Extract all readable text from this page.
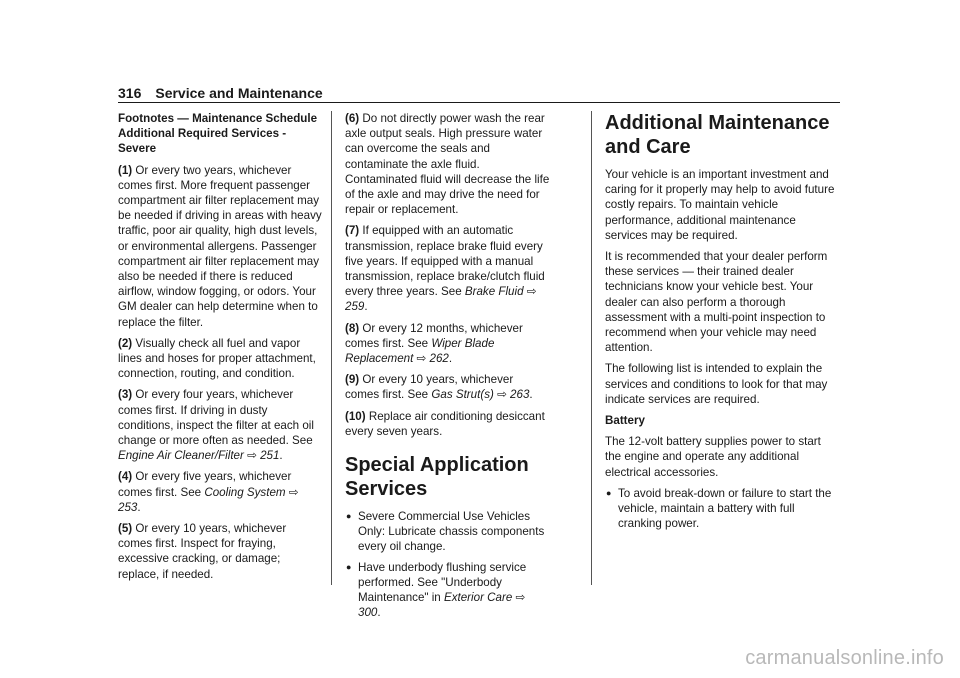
316 Service and Maintenance

Footnotes — Maintenance Schedule
Additional Required Services - Severe

(1) Or every two years, whichever comes first. More frequent passenger compartment air filter replacement may be needed if driving in areas with heavy traffic, poor air quality, high dust levels, or environmental allergens. Passenger compartment air filter replacement may also be needed if there is reduced airflow, window fogging, or odors. Your GM dealer can help determine when to replace the filter.

(2) Visually check all fuel and vapor lines and hoses for proper attachment, connection, routing, and condition.

(3) Or every four years, whichever comes first. If driving in dusty conditions, inspect the filter at each oil change or more often as needed. See Engine Air Cleaner/Filter ⇨ 251.

(4) Or every five years, whichever comes first. See Cooling System ⇨ 253.

(5) Or every 10 years, whichever comes first. Inspect for fraying, excessive cracking, or damage; replace, if needed.

(6) Do not directly power wash the rear axle output seals. High pressure water can overcome the seals and contaminate the axle fluid. Contaminated fluid will decrease the life of the axle and may drive the need for repair or replacement.

(7) If equipped with an automatic transmission, replace brake fluid every five years. If equipped with a manual transmission, replace brake/clutch fluid every three years. See Brake Fluid ⇨ 259.

(8) Or every 12 months, whichever comes first. See Wiper Blade Replacement ⇨ 262.

(9) Or every 10 years, whichever comes first. See Gas Strut(s) ⇨ 263.

(10) Replace air conditioning desiccant every seven years.

Special Application Services
● Severe Commercial Use Vehicles Only: Lubricate chassis components every oil change.
● Have underbody flushing service performed. See "Underbody Maintenance" in Exterior Care ⇨ 300.
Additional Maintenance and Care

Your vehicle is an important investment and caring for it properly may help to avoid future costly repairs. To maintain vehicle performance, additional maintenance services may be required.

It is recommended that your dealer perform these services — their trained dealer technicians know your vehicle best. Your dealer can also perform a thorough assessment with a multi-point inspection to recommend when your vehicle may need attention.

The following list is intended to explain the services and conditions to look for that may indicate services are required.

Battery

The 12-volt battery supplies power to start the engine and operate any additional electrical accessories.

● To avoid break-down or failure to start the vehicle, maintain a battery with full cranking power.
carmanualsonline.info
